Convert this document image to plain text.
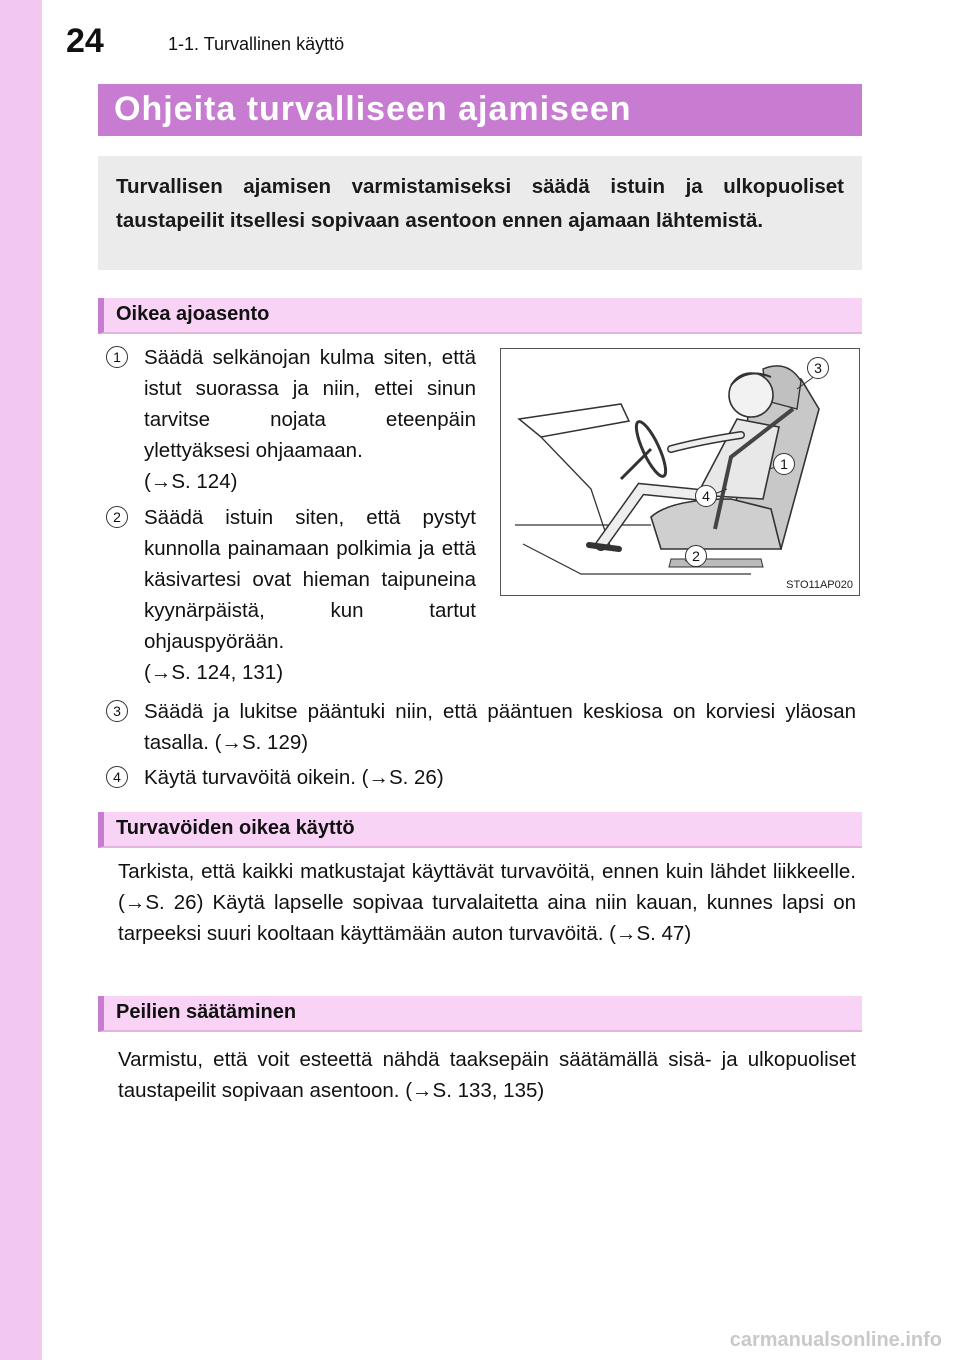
24	1-1. Turvallinen käyttö
Ohjeita turvalliseen ajamiseen
Turvallisen ajamisen varmistamiseksi säädä istuin ja ulkopuoliset taustapeilit itsellesi sopivaan asentoon ennen ajamaan lähtemistä.
Oikea ajoasento
1	Säädä selkänojan kulma siten, että istut suorassa ja niin, ettei sinun tarvitse nojata eteenpäin ylettyäksesi ohjaamaan.
(→S. 124)
2	Säädä istuin siten, että pystyt kunnolla painamaan polkimia ja että käsivartesi ovat hieman taipuneina kyynärpäistä, kun tartut ohjauspyörään.
(→S. 124, 131)
3
1
4
2
STO11AP020
3	Säädä ja lukitse pääntuki niin, että pääntuen keskiosa on korviesi yläosan tasalla. (→S. 129)
4	Käytä turvavöitä oikein. (→S. 26)
Turvavöiden oikea käyttö
Tarkista, että kaikki matkustajat käyttävät turvavöitä, ennen kuin lähdet liikkeelle. (→S. 26) Käytä lapselle sopivaa turvalaitetta aina niin kauan, kunnes lapsi on tarpeeksi suuri kooltaan käyttämään auton turvavöitä. (→S. 47)
Peilien säätäminen
Varmistu, että voit esteettä nähdä taaksepäin säätämällä sisä- ja ulkopuoliset taustapeilit sopivaan asentoon. (→S. 133, 135)
carmanualsonline.info
